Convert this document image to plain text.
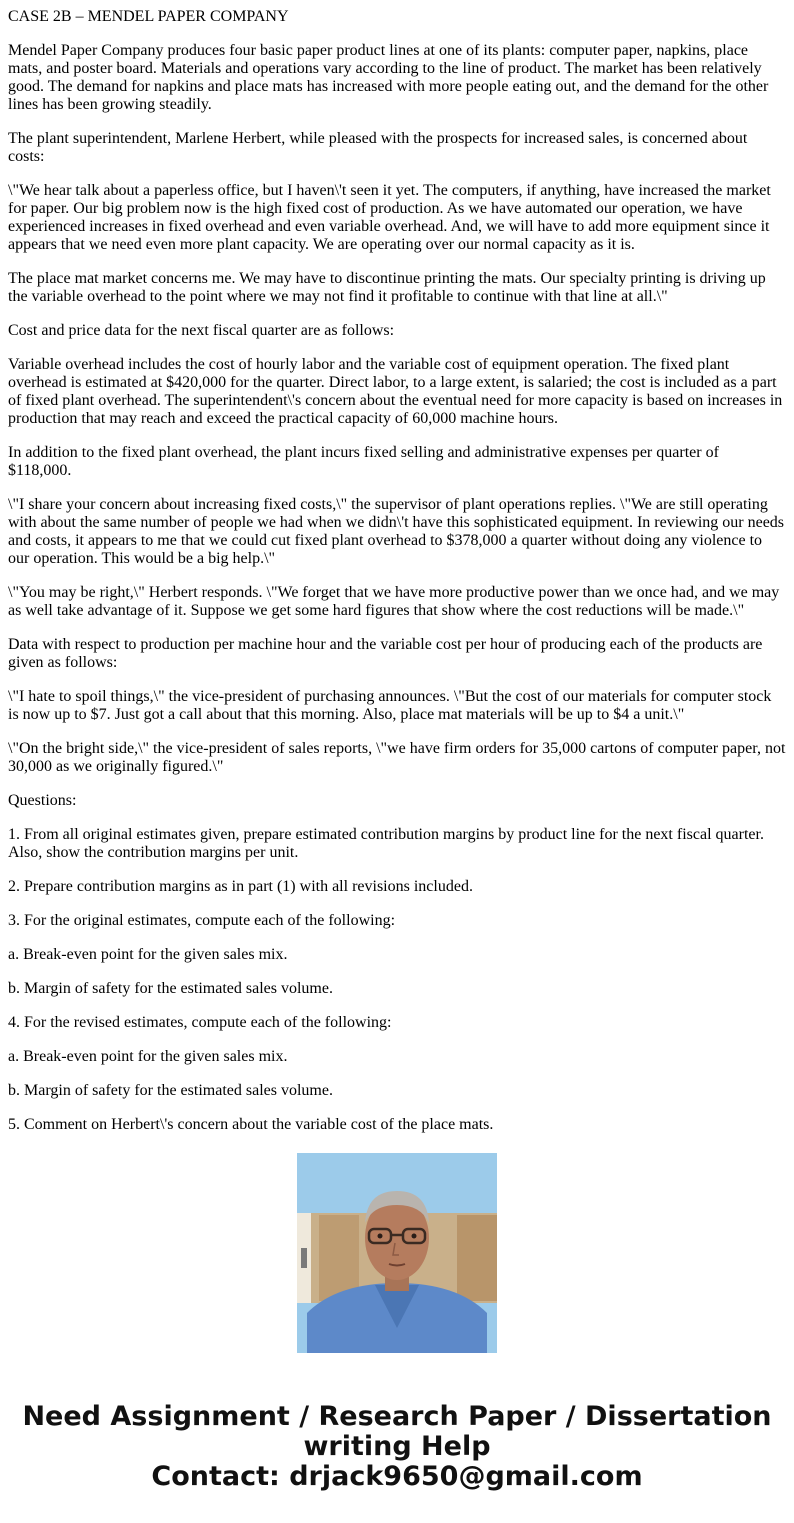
CASE 2B – MENDEL PAPER COMPANY

Mendel Paper Company produces four basic paper product lines at one of its plants: computer paper, napkins, place mats, and poster board. Materials and operations vary according to the line of product. The market has been relatively good. The demand for napkins and place mats has increased with more people eating out, and the demand for the other lines has been growing steadily.

The plant superintendent, Marlene Herbert, while pleased with the prospects for increased sales, is concerned about costs:

\"We hear talk about a paperless office, but I haven\'t seen it yet. The computers, if anything, have increased the market for paper. Our big problem now is the high fixed cost of production. As we have automated our operation, we have experienced increases in fixed overhead and even variable overhead. And, we will have to add more equipment since it appears that we need even more plant capacity. We are operating over our normal capacity as it is.

The place mat market concerns me. We may have to discontinue printing the mats. Our specialty printing is driving up the variable overhead to the point where we may not find it profitable to continue with that line at all.\"

Cost and price data for the next fiscal quarter are as follows:

Variable overhead includes the cost of hourly labor and the variable cost of equipment operation. The fixed plant overhead is estimated at $420,000 for the quarter. Direct labor, to a large extent, is salaried; the cost is included as a part of fixed plant overhead. The superintendent\'s concern about the eventual need for more capacity is based on increases in production that may reach and exceed the practical capacity of 60,000 machine hours.

In addition to the fixed plant overhead, the plant incurs fixed selling and administrative expenses per quarter of $118,000.

\"I share your concern about increasing fixed costs,\" the supervisor of plant operations replies. \"We are still operating with about the same number of people we had when we didn\'t have this sophisticated equipment. In reviewing our needs and costs, it appears to me that we could cut fixed plant overhead to $378,000 a quarter without doing any violence to our operation. This would be a big help.\"

\"You may be right,\" Herbert responds. \"We forget that we have more productive power than we once had, and we may as well take advantage of it. Suppose we get some hard figures that show where the cost reductions will be made.\"

Data with respect to production per machine hour and the variable cost per hour of producing each of the products are given as follows:

\"I hate to spoil things,\" the vice-president of purchasing announces. \"But the cost of our materials for computer stock is now up to $7. Just got a call about that this morning. Also, place mat materials will be up to $4 a unit.\"

\"On the bright side,\" the vice-president of sales reports, \"we have firm orders for 35,000 cartons of computer paper, not 30,000 as we originally figured.\"

Questions:

1. From all original estimates given, prepare estimated contribution margins by product line for the next fiscal quarter. Also, show the contribution margins per unit.

2. Prepare contribution margins as in part (1) with all revisions included.

3. For the original estimates, compute each of the following:

a. Break-even point for the given sales mix.

b. Margin of safety for the estimated sales volume.

4. For the revised estimates, compute each of the following:

a. Break-even point for the given sales mix.

b. Margin of safety for the estimated sales volume.

5. Comment on Herbert\'s concern about the variable cost of the place mats.

Need Assignment / Research Paper / Dissertation
writing Help
Contact: drjack9650@gmail.com
